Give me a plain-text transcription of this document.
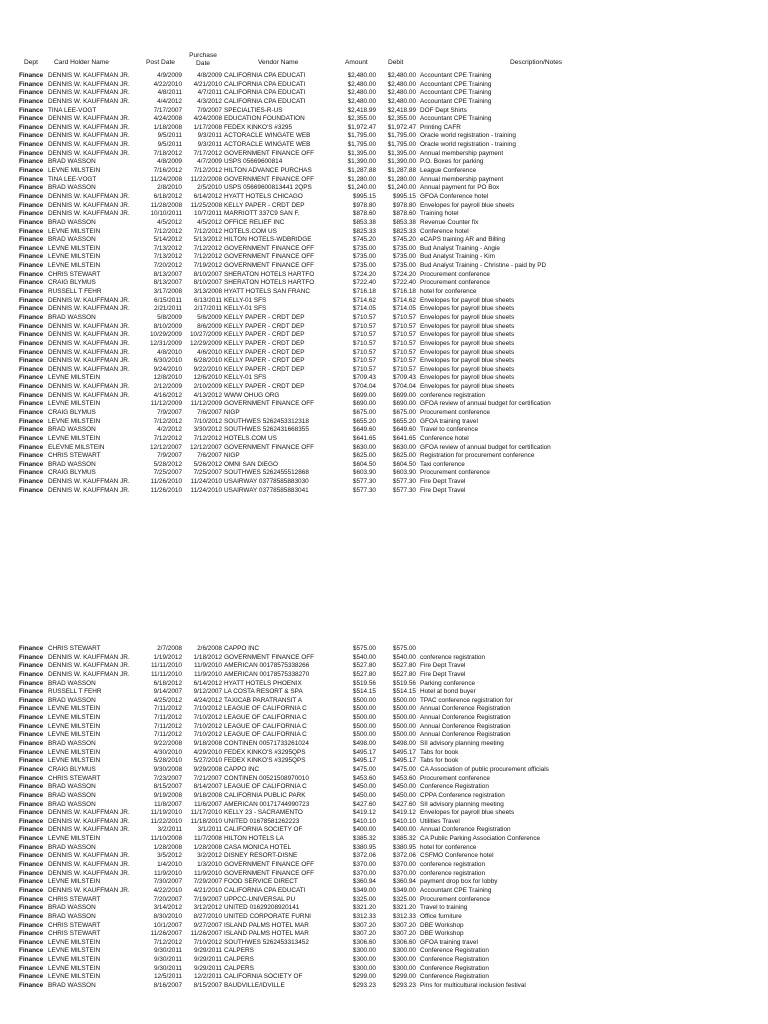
Dept Card Holder Name	Post Date
Purchase Date	Vendor Name	Amount	Debit	Description/Notes
Finance DENNIS W. KAUFFMAN JR.	4/9/2009	4/8/2009 CALIFORNIA CPA EDUCATI	$2,480.00	$2,480.00 Accountant CPE Training
Finance DENNIS W. KAUFFMAN JR.	4/22/2010	4/21/2010 CALIFORNIA CPA EDUCATI	$2,480.00	$2,480.00 Accountant CPE Training
Finance DENNIS W. KAUFFMAN JR.	4/8/2011	4/7/2011 CALIFORNIA CPA EDUCATI	$2,480.00	$2,480.00 Accountant CPE Training
Finance DENNIS W. KAUFFMAN JR.	4/4/2012	4/3/2012 CALIFORNIA CPA EDUCATI	$2,480.00	$2,480.00 Accountant CPE Training
Finance TINA LEE-VOGT	7/17/2007	7/9/2007 SPECIALTIES-R-US	$2,418.99	$2,418.99 DOF Dept Shirts
Finance DENNIS W. KAUFFMAN JR.	4/24/2008	4/24/2008 EDUCATION FOUNDATION	$2,355.00	$2,355.00 Accountant CPE Training
Finance DENNIS W. KAUFFMAN JR.	1/18/2008	1/17/2008 FEDEX KINKO'S #3295	$1,972.47	$1,972.47 Printing CAFR
Finance DENNIS W. KAUFFMAN JR.	9/5/2011	9/3/2011 ACTORACLE WINGATE WEB	$1,795.00	$1,795.00 Oracle world registration - training
Finance DENNIS W. KAUFFMAN JR.	9/5/2011	9/3/2011 ACTORACLE WINGATE WEB	$1,795.00	$1,795.00 Oracle world registration - training
Finance DENNIS W. KAUFFMAN JR.	7/18/2012	7/17/2012 GOVERNMENT FINANCE OFF	$1,395.00	$1,395.00 Annual membership payment
Finance BRAD WASSON	4/8/2009	4/7/2009 USPS 05669600814	$1,390.00	$1,390.00 P.O. Boxes for parking
Finance LEVNE MILSTEIN	7/16/2012	7/12/2012 HILTON ADVANCE PURCHAS	$1,287.88	$1,287.88 League Conference
Finance TINA LEE-VOGT	11/24/2008	11/22/2008 GOVERNMENT FINANCE OFF	$1,280.00	$1,280.00 Annual membership payment
Finance BRAD WASSON	2/8/2010	2/5/2010 USPS 05669600813441 2QPS	$1,240.00	$1,240.00 Annual payment for PO Box
Finance DENNIS W. KAUFFMAN JR.	6/18/2012	6/14/2012 HYATT HOTELS CHICAGO	$995.15	$995.15 GFOA Conference hotel
Finance DENNIS W. KAUFFMAN JR.	11/28/2008	11/25/2008 KELLY PAPER - CRDT DEP	$978.80	$978.80 Envelopes for payroll blue sheets
Finance DENNIS W. KAUFFMAN JR.	10/10/2011	10/7/2011 MARRIOTT 337C9 SAN F.	$878.60	$878.60 Training hotel
Finance BRAD WASSON	4/5/2012	4/5/2012 OFFICE RELIEF INC	$853.38	$853.38 Revenue Counter fix
Finance LEVNE MILSTEIN	7/12/2012	7/12/2012 HOTELS.COM US	$825.33	$825.33 Conference hotel
Finance BRAD WASSON	5/14/2012	5/13/2012 HILTON HOTELS-WDBRIDGE	$745.20	$745.20 eCAPS training AR and Billing
Finance LEVNE MILSTEIN	7/13/2012	7/12/2012 GOVERNMENT FINANCE OFF	$735.00	$735.00 Bud Analyst Training - Angie
Finance LEVNE MILSTEIN	7/13/2012	7/12/2012 GOVERNMENT FINANCE OFF	$735.00	$735.00 Bud Analyst Training - Kim
Finance LEVNE MILSTEIN	7/20/2012	7/19/2012 GOVERNMENT FINANCE OFF	$735.00	$735.00 Bud Analyst Training - Christine - paid by PD
Finance CHRIS STEWART	8/13/2007	8/10/2007 SHERATON HOTELS HARTFO	$724.20	$724.20 Procurement conference
Finance CRAIG BLYMUS	8/13/2007	8/10/2007 SHERATON HOTELS HARTFO	$722.40	$722.40 Procurement conference
Finance RUSSELL T FEHR	3/17/2008	3/13/2008 HYATT HOTELS SAN FRANC	$716.18	$716.18 hotel for conference
Finance DENNIS W. KAUFFMAN JR.	6/15/2011	6/13/2011 KELLY-01 SFS	$714.62	$714.62 Envelopes for payroll blue sheets
Finance DENNIS W. KAUFFMAN JR.	2/21/2011	2/17/2011 KELLY-01 SFS	$714.05	$714.05 Envelopes for payroll blue sheets
Finance BRAD WASSON	5/8/2009	5/6/2009 KELLY PAPER - CRDT DEP	$710.57	$710.57 Envelopes for payroll blue sheets
Finance DENNIS W. KAUFFMAN JR.	8/10/2009	8/6/2009 KELLY PAPER - CRDT DEP	$710.57	$710.57 Envelopes for payroll blue sheets
Finance DENNIS W. KAUFFMAN JR.	10/29/2009	10/27/2009 KELLY PAPER - CRDT DEP	$710.57	$710.57 Envelopes for payroll blue sheets
Finance DENNIS W. KAUFFMAN JR.	12/31/2009	12/29/2009 KELLY PAPER - CRDT DEP	$710.57	$710.57 Envelopes for payroll blue sheets
Finance DENNIS W. KAUFFMAN JR.	4/8/2010	4/6/2010 KELLY PAPER - CRDT DEP	$710.57	$710.57 Envelopes for payroll blue sheets
Finance DENNIS W. KAUFFMAN JR.	6/30/2010	6/28/2010 KELLY PAPER - CRDT DEP	$710.57	$710.57 Envelopes for payroll blue sheets
Finance DENNIS W. KAUFFMAN JR.	9/24/2010	9/22/2010 KELLY PAPER - CRDT DEP	$710.57	$710.57 Envelopes for payroll blue sheets
Finance LEVNE MILSTEIN	12/8/2010	12/6/2010 KELLY-01 SFS	$709.43	$709.43 Envelopes for payroll blue sheets
Finance DENNIS W. KAUFFMAN JR.	2/12/2009	2/10/2009 KELLY PAPER - CRDT DEP	$704.04	$704.04 Envelopes for payroll blue sheets
Finance DENNIS W. KAUFFMAN JR.	4/16/2012	4/13/2012 WWW OHUG ORG	$699.00	$699.00 conference registration
Finance LEVNE MILSTEIN	11/12/2009	11/12/2009 GOVERNMENT FINANCE OFF	$690.00	$690.00 GFOA review of annual budget for certification
Finance CRAIG BLYMUS	7/9/2007	7/6/2007 NIGP	$675.00	$675.00 Procurement conference
Finance LEVNE MILSTEIN	7/12/2012	7/10/2012 SOUTHWES 5262453312318	$655.20	$655.20 GFOA training travel
Finance BRAD WASSON	4/2/2012	3/30/2012 SOUTHWES 5262431668355	$649.60	$649.60 Travel to conference
Finance LEVNE MILSTEIN	7/12/2012	7/12/2012 HOTELS.COM US	$641.65	$641.65 Conference hotel
Finance ELEVNE MILSTEIN	12/12/2007	12/12/2007 GOVERNMENT FINANCE OFF	$630.00	$630.00 GFOA review of annual budget for certification
Finance CHRIS STEWART	7/9/2007	7/6/2007 NIGP	$625.00	$625.00 Registration for procurement conference
Finance BRAD WASSON	5/28/2012	5/26/2012 OMNI SAN DIEGO	$604.50	$604.50 Taxi conference
Finance CRAIG BLYMUS	7/25/2007	7/25/2007 SOUTHWES 5262455512868	$603.90	$603.90 Procurement conference
Finance DENNIS W. KAUFFMAN JR.	11/26/2010	11/24/2010 USAIRWAY 03778585883030	$577.30	$577.30 Fire Dept Travel
Finance DENNIS W. KAUFFMAN JR.	11/26/2010	11/24/2010 USAIRWAY 03778585883041	$577.30	$577.30 Fire Dept Travel
Finance CHRIS STEWART	2/7/2008	2/6/2008 CAPPO INC	$575.00	$575.00
Finance DENNIS W. KAUFFMAN JR.	1/19/2012	1/18/2012 GOVERNMENT FINANCE OFF	$540.00	$540.00 conference registration
Finance DENNIS W. KAUFFMAN JR.	11/11/2010	11/9/2010 AMERICAN 00178575338266	$527.80	$527.80 Fire Dept Travel
Finance DENNIS W. KAUFFMAN JR.	11/11/2010	11/9/2010 AMERICAN 00178575338270	$527.80	$527.80 Fire Dept Travel
Finance BRAD WASSON	6/18/2012	6/14/2012 HYATT HOTELS PHOENIX	$519.56	$519.56 Parking conference
Finance RUSSELL T FEHR	9/14/2007	9/12/2007 LA COSTA RESORT & SPA	$514.15	$514.15 Hotel at bond buyer
Finance BRAD WASSON	4/25/2012	4/24/2012 TAXICAB PARATRANSIT A	$500.00	$500.00 TPAC conference registration for
Finance LEVNE MILSTEIN	7/11/2012	7/10/2012 LEAGUE OF CALIFORNIA C	$500.00	$500.00 Annual Conference Registration
Finance LEVNE MILSTEIN	7/11/2012	7/10/2012 LEAGUE OF CALIFORNIA C	$500.00	$500.00 Annual Conference Registration
Finance LEVNE MILSTEIN	7/11/2012	7/10/2012 LEAGUE OF CALIFORNIA C	$500.00	$500.00 Annual Conference Registration
Finance LEVNE MILSTEIN	7/11/2012	7/10/2012 LEAGUE OF CALIFORNIA C	$500.00	$500.00 Annual Conference Registration
Finance BRAD WASSON	9/22/2008	9/18/2008 CONTINEN 00571733261024	$498.00	$498.00 SII advisory planning meeting
Finance LEVNE MILSTEIN	4/30/2010	4/29/2010 FEDEX KINKO'S #3295QPS	$495.17	$495.17 Tabs for book
Finance LEVNE MILSTEIN	5/28/2010	5/27/2010 FEDEX KINKO'S #3295QPS	$495.17	$495.17 Tabs for book
Finance CRAIG BLYMUS	9/30/2008	9/29/2008 CAPPO INC	$475.00	$475.00 CA Association of public procurement officials
Finance CHRIS STEWART	7/23/2007	7/21/2007 CONTINEN 00521508970010	$453.60	$453.60 Procurement conference
Finance BRAD WASSON	8/15/2007	8/14/2007 LEAGUE OF CALIFORNIA C	$450.00	$450.00 Conference Registration
Finance BRAD WASSON	9/19/2008	9/18/2008 CALIFORNIA PUBLIC PARK	$450.00	$450.00 CPPA Conference registration
Finance BRAD WASSON	11/8/2007	11/6/2007 AMERICAN 00171744990723	$427.60	$427.60 SII advisory planning meeting
Finance DENNIS W. KAUFFMAN JR.	11/19/2010	11/17/2010 KELLY 23 - SACRAMENTO	$419.12	$419.12 Envelopes for payroll blue sheets
Finance DENNIS W. KAUFFMAN JR.	11/22/2010	11/18/2010 UNITED 01678581262223	$410.10	$410.10 Utilities Travel
Finance DENNIS W. KAUFFMAN JR.	3/2/2011	3/1/2011 CALIFORNIA SOCIETY OF	$400.00	$400.00 Annual Conference Registration
Finance LEVNE MILSTEIN	11/10/2008	11/7/2008 HILTON HOTELS LA	$385.32	$385.32 CA Public Parking Association Conference
Finance BRAD WASSON	1/28/2008	1/28/2008 CASA MONICA HOTEL	$380.95	$380.95 hotel for conference
Finance DENNIS W. KAUFFMAN JR.	3/5/2012	3/2/2012 DISNEY RESORT-DISNE	$372.06	$372.06 CSFMO Conference hotel
Finance DENNIS W. KAUFFMAN JR.	1/4/2010	1/3/2010 GOVERNMENT FINANCE OFF	$370.00	$370.00 conference registration
Finance DENNIS W. KAUFFMAN JR.	11/9/2010	11/9/2010 GOVERNMENT FINANCE OFF	$370.00	$370.00 conference registration
Finance LEVNE MILSTEIN	7/30/2007	7/29/2007 FOOD SERVICE DIRECT	$360.94	$360.94 payment drop box for lobby
Finance DENNIS W. KAUFFMAN JR.	4/22/2010	4/21/2010 CALIFORNIA CPA EDUCATI	$349.00	$349.00 Accountant CPE Training
Finance CHRIS STEWART	7/20/2007	7/19/2007 UPPCC-UNIVERSAL PU	$325.00	$325.00 Procurement conference
Finance BRAD WASSON	3/14/2012	3/12/2012 UNITED 01629208920141	$321.20	$321.20 Travel to training
Finance BRAD WASSON	8/30/2010	8/27/2010 UNITED CORPORATE FURNI	$312.33	$312.33 Office furniture
Finance CHRIS STEWART	10/1/2007	9/27/2007 ISLAND PALMS HOTEL MAR	$307.20	$307.20 DBE Workshop
Finance CHRIS STEWART	11/26/2007	11/26/2007 ISLAND PALMS HOTEL MAR	$307.20	$307.20 DBE Workshop
Finance LEVNE MILSTEIN	7/12/2012	7/10/2012 SOUTHWES 5262453313452	$306.60	$306.60 GFOA training travel
Finance LEVNE MILSTEIN	9/30/2011	9/29/2011 CALPERS	$300.00	$300.00 Conference Registration
Finance LEVNE MILSTEIN	9/30/2011	9/29/2011 CALPERS	$300.00	$300.00 Conference Registration
Finance LEVNE MILSTEIN	9/30/2011	9/29/2011 CALPERS	$300.00	$300.00 Conference Registration
Finance LEVNE MILSTEIN	12/5/2011	12/2/2011 CALIFORNIA SOCIETY OF	$299.00	$299.00 Conference Registration
Finance BRAD WASSON	8/16/2007	8/15/2007 BAUDVILLE/IDVILLE	$293.23	$293.23 Pins for multicultural inclusion festival
